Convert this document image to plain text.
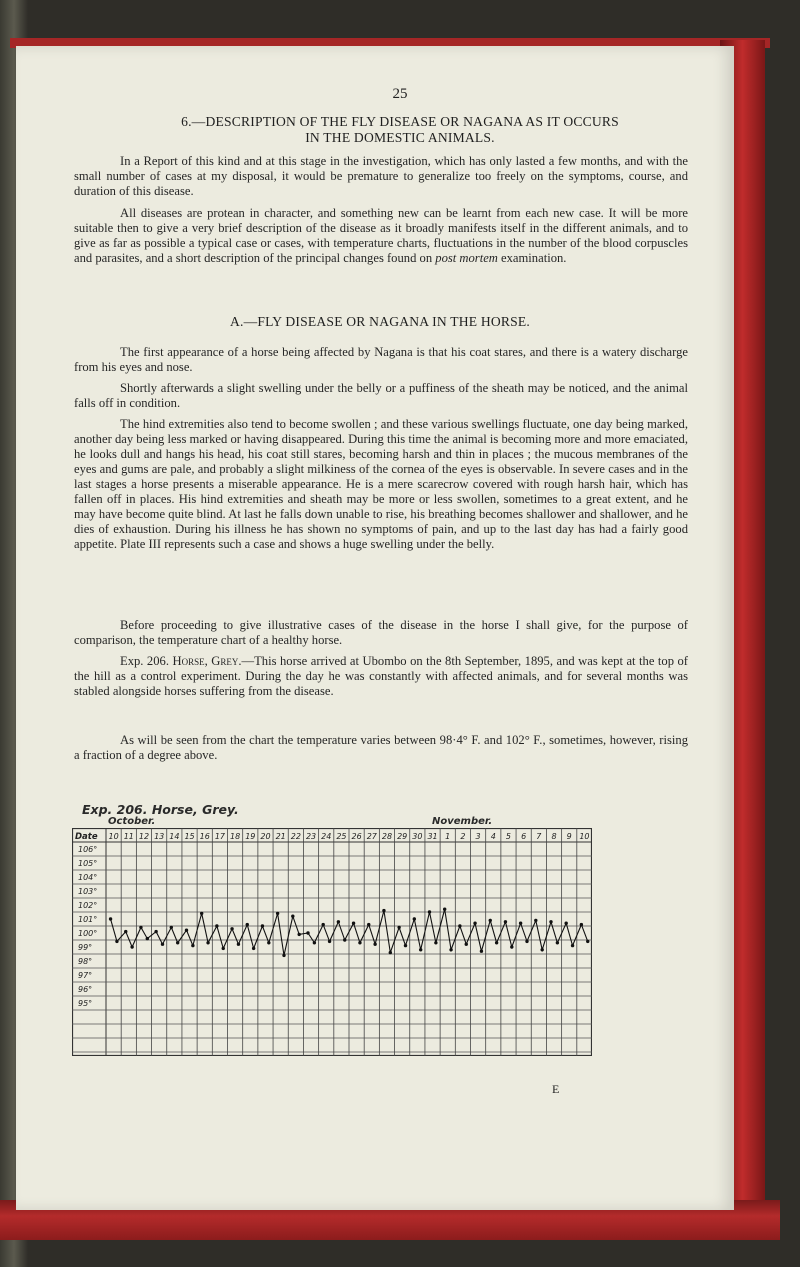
25
6.—DESCRIPTION OF THE FLY DISEASE OR NAGANA AS IT OCCURS
IN THE DOMESTIC ANIMALS.

In a Report of this kind and at this stage in the investigation, which has only lasted a few months, and with the small number of cases at my disposal, it would be premature to generalize too freely on the symptoms, course, and duration of this disease.

All diseases are protean in character, and something new can be learnt from each new case. It will be more suitable then to give a very brief description of the disease as it broadly manifests itself in the different animals, and to give as far as possible a typical case or cases, with temperature charts, fluctuations in the number of the blood corpuscles and parasites, and a short description of the principal changes found on post mortem examination.

A.—FLY DISEASE OR NAGANA IN THE HORSE.

The first appearance of a horse being affected by Nagana is that his coat stares, and there is a watery discharge from his eyes and nose.

Shortly afterwards a slight swelling under the belly or a puffiness of the sheath may be noticed, and the animal falls off in condition.

The hind extremities also tend to become swollen ; and these various swellings fluctuate, one day being marked, another day being less marked or having disappeared. During this time the animal is becoming more and more emaciated, he looks dull and hangs his head, his coat still stares, becoming harsh and thin in places ; the mucous membranes of the eyes and gums are pale, and probably a slight milkiness of the cornea of the eyes is observable. In severe cases and in the last stages a horse presents a miserable appearance. He is a mere scarecrow covered with rough harsh hair, which has fallen off in places. His hind extremities and sheath may be more or less swollen, sometimes to a great extent, and he may have become quite blind. At last he falls down unable to rise, his breathing becomes shallower and shallower, and he dies of exhaustion. During his illness he has shown no symptoms of pain, and up to the last day has had a fairly good appetite. Plate III represents such a case and shows a huge swelling under the belly.

Before proceeding to give illustrative cases of the disease in the horse I shall give, for the purpose of comparison, the temperature chart of a healthy horse.

Exp. 206. Horse, Grey.—This horse arrived at Ubombo on the 8th September, 1895, and was kept at the top of the hill as a control experiment. During the day he was constantly with affected animals, and for several months was stabled alongside horses suffering from the disease.

As will be seen from the chart the temperature varies between 98·4° F. and 102° F., sometimes, however, rising a fraction of a degree above.

Exp. 206. Horse, Grey.
October.	November.
Date 10 11 12 13 14 15 16 17 18 19 20 21 22 23 24 25 26 27 28 29 30 31 1 2 3 4 5 6 7 8 9 10
106°
105°
104°
103°
102°
101°
100°
99°
98°
97°
96°
95°
E
